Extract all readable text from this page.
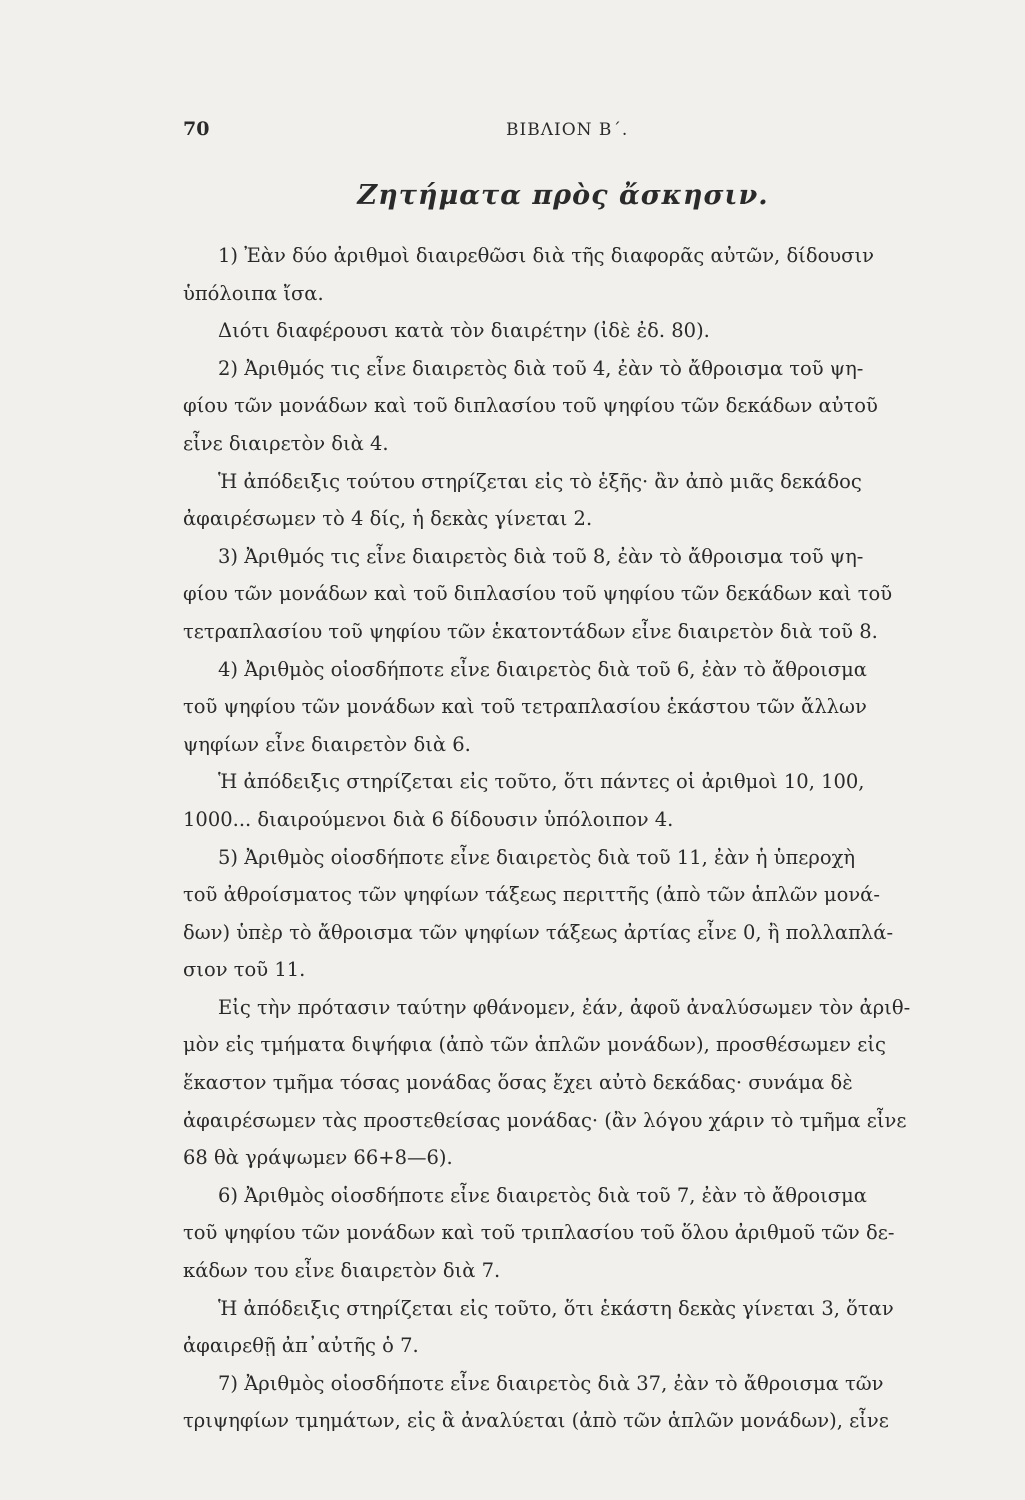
70	ΒΙΒΛΙΟΝ Β΄.
Ζητήματα πρὸς ἄσκησιν.
1) Ἐὰν δύο ἀριθμοὶ διαιρεθῶσι διὰ τῆς διαφορᾶς αὐτῶν, δίδουσιν
ὑπόλοιπα ἴσα.
Διότι διαφέρουσι κατὰ τὸν διαιρέτην (ἰδὲ ἐδ. 80).
2) Ἀριθμός τις εἶνε διαιρετὸς διὰ τοῦ 4, ἐὰν τὸ ἄθροισμα τοῦ ψη-
φίου τῶν μονάδων καὶ τοῦ διπλασίου τοῦ ψηφίου τῶν δεκάδων αὐτοῦ
εἶνε διαιρετὸν διὰ 4.
Ἡ ἀπόδειξις τούτου στηρίζεται εἰς τὸ ἑξῆς· ἂν ἀπὸ μιᾶς δεκάδος
ἀφαιρέσωμεν τὸ 4 δίς, ἡ δεκὰς γίνεται 2.
3) Ἀριθμός τις εἶνε διαιρετὸς διὰ τοῦ 8, ἐὰν τὸ ἄθροισμα τοῦ ψη-
φίου τῶν μονάδων καὶ τοῦ διπλασίου τοῦ ψηφίου τῶν δεκάδων καὶ τοῦ
τετραπλασίου τοῦ ψηφίου τῶν ἑκατοντάδων εἶνε διαιρετὸν διὰ τοῦ 8.
4) Ἀριθμὸς οἱοσδήποτε εἶνε διαιρετὸς διὰ τοῦ 6, ἐὰν τὸ ἄθροισμα
τοῦ ψηφίου τῶν μονάδων καὶ τοῦ τετραπλασίου ἑκάστου τῶν ἄλλων
ψηφίων εἶνε διαιρετὸν διὰ 6.
Ἡ ἀπόδειξις στηρίζεται εἰς τοῦτο, ὅτι πάντες οἱ ἀριθμοὶ 10, 100,
1000... διαιρούμενοι διὰ 6 δίδουσιν ὑπόλοιπον 4.
5) Ἀριθμὸς οἱοσδήποτε εἶνε διαιρετὸς διὰ τοῦ 11, ἐὰν ἡ ὑπεροχὴ
τοῦ ἀθροίσματος τῶν ψηφίων τάξεως περιττῆς (ἀπὸ τῶν ἁπλῶν μονά-
δων) ὑπὲρ τὸ ἄθροισμα τῶν ψηφίων τάξεως ἀρτίας εἶνε 0, ἢ πολλαπλά-
σιον τοῦ 11.
Εἰς τὴν πρότασιν ταύτην φθάνομεν, ἐάν, ἀφοῦ ἀναλύσωμεν τὸν ἀριθ-
μὸν εἰς τμήματα διψήφια (ἀπὸ τῶν ἁπλῶν μονάδων), προσθέσωμεν εἰς
ἕκαστον τμῆμα τόσας μονάδας ὅσας ἔχει αὐτὸ δεκάδας· συνάμα δὲ
ἀφαιρέσωμεν τὰς προστεθείσας μονάδας· (ἂν λόγου χάριν τὸ τμῆμα εἶνε
68 θὰ γράψωμεν 66+8—6).
6) Ἀριθμὸς οἱοσδήποτε εἶνε διαιρετὸς διὰ τοῦ 7, ἐὰν τὸ ἄθροισμα
τοῦ ψηφίου τῶν μονάδων καὶ τοῦ τριπλασίου τοῦ ὅλου ἀριθμοῦ τῶν δε-
κάδων του εἶνε διαιρετὸν διὰ 7.
Ἡ ἀπόδειξις στηρίζεται εἰς τοῦτο, ὅτι ἑκάστη δεκὰς γίνεται 3, ὅταν
ἀφαιρεθῇ ἀπ᾽αὐτῆς ὁ 7.
7) Ἀριθμὸς οἱοσδήποτε εἶνε διαιρετὸς διὰ 37, ἐὰν τὸ ἄθροισμα τῶν
τριψηφίων τμημάτων, εἰς ἃ ἀναλύεται (ἀπὸ τῶν ἁπλῶν μονάδων), εἶνε
